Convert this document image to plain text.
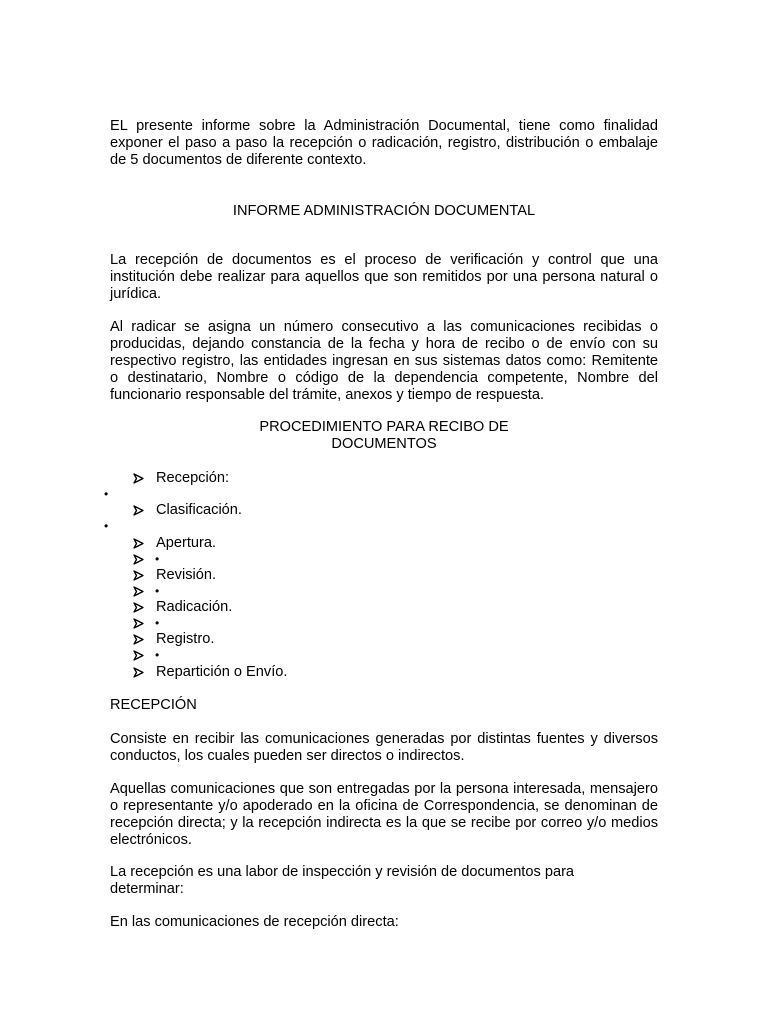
EL presente informe sobre la Administración Documental, tiene como finalidad exponer el paso a paso la recepción o radicación, registro, distribución o embalaje de 5 documentos de diferente contexto.

INFORME ADMINISTRACIÓN DOCUMENTAL

La recepción de documentos es el proceso de verificación y control que una institución debe realizar para aquellos que son remitidos por una persona natural o jurídica.

Al radicar se asigna un número consecutivo a las comunicaciones recibidas o producidas, dejando constancia de la fecha y hora de recibo o de envío con su respectivo registro, las entidades ingresan en sus sistemas datos como: Remitente o destinatario, Nombre o código de la dependencia competente, Nombre del funcionario responsable del trámite, anexos y tiempo de respuesta.

PROCEDIMIENTO PARA RECIBO DE

DOCUMENTOS

Recepción:
•
Clasificación.
•
Apertura.
•
Revisión.
•
Radicación.
•
Registro.
•
Repartición o Envío.

RECEPCIÓN

Consiste en recibir las comunicaciones generadas por distintas fuentes y diversos conductos, los cuales pueden ser directos o indirectos.

Aquellas comunicaciones que son entregadas por la persona interesada, mensajero o representante y/o apoderado en la oficina de Correspondencia, se denominan de recepción directa; y la recepción indirecta es la que se recibe por correo y/o medios electrónicos.

La recepción es una labor de inspección y revisión de documentos para determinar:

En las comunicaciones de recepción directa:
